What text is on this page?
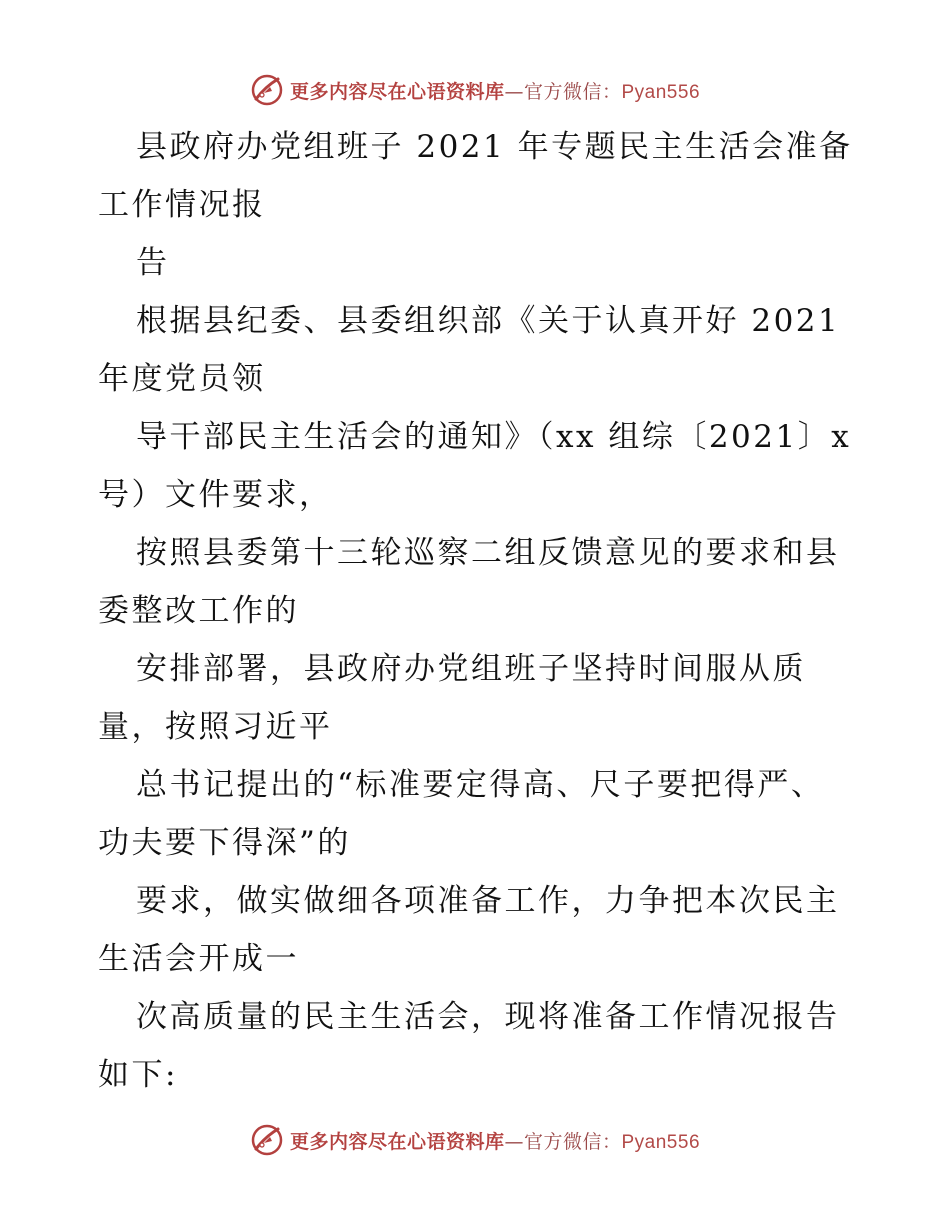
更多内容尽在心语资料库—官方微信：Pyan556
县政府办党组班子 2021 年专题民主生活会准备
工作情况报
告
根据县纪委、县委组织部《关于认真开好 2021
年度党员领
导干部民主生活会的通知》（xx 组综〔2021〕x
号）文件要求，
按照县委第十三轮巡察二组反馈意见的要求和县
委整改工作的
安排部署，县政府办党组班子坚持时间服从质
量，按照习近平
总书记提出的“标准要定得高、尺子要把得严、
功夫要下得深”的
要求，做实做细各项准备工作，力争把本次民主
生活会开成一
次高质量的民主生活会，现将准备工作情况报告
如下:
更多内容尽在心语资料库—官方微信：Pyan556
